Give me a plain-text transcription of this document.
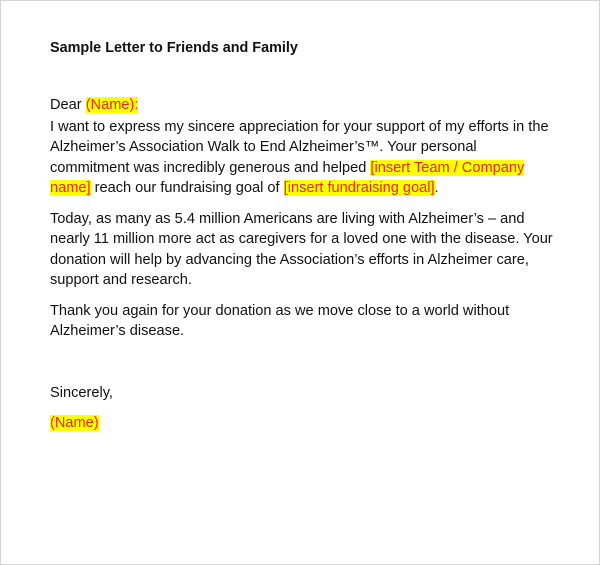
Sample Letter to Friends and Family

Dear (Name):

I want to express my sincere appreciation for your support of my efforts in the Alzheimer’s Association Walk to End Alzheimer’s™. Your personal commitment was incredibly generous and helped [insert Team / Company name] reach our fundraising goal of [insert fundraising goal].

Today, as many as 5.4 million Americans are living with Alzheimer’s – and nearly 11 million more act as caregivers for a loved one with the disease. Your donation will help by advancing the Association’s efforts in Alzheimer care, support and research.

Thank you again for your donation as we move close to a world without Alzheimer’s disease.

Sincerely,

(Name)
